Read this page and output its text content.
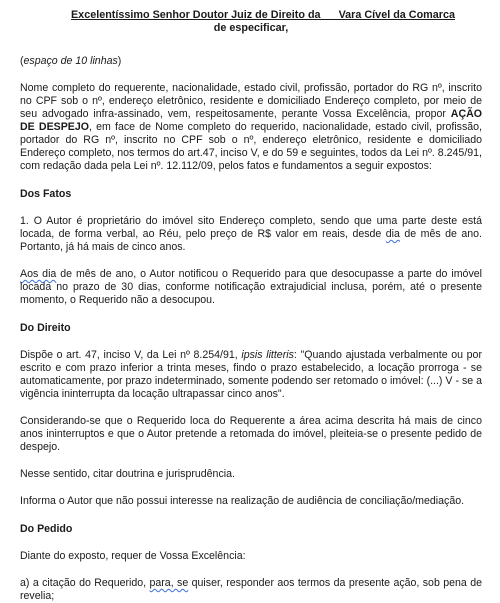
Excelentíssimo Senhor Doutor Juiz de Direito da __ Vara Cível da Comarca
de especificar,

(espaço de 10 linhas)

Nome completo do requerente, nacionalidade, estado civil, profissão, portador do RG nº, inscrito no CPF sob o nº, endereço eletrônico, residente e domiciliado Endereço completo, por meio de seu advogado infra-assinado, vem, respeitosamente, perante Vossa Excelência, propor AÇÃO DE DESPEJO, em face de Nome completo do requerido, nacionalidade, estado civil, profissão, portador do RG nº, inscrito no CPF sob o nº, endereço eletrônico, residente e domiciliado Endereço completo, nos termos do art.47, inciso V, e do 59 e seguintes, todos da Lei nº. 8.245/91, com redação dada pela Lei nº. 12.112/09, pelos fatos e fundamentos a seguir expostos:

Dos Fatos

1. O Autor é proprietário do imóvel sito Endereço completo, sendo que uma parte deste está locada, de forma verbal, ao Réu, pelo preço de R$ valor em reais, desde dia de mês de ano. Portanto, já há mais de cinco anos.

Aos dia de mês de ano, o Autor notificou o Requerido para que desocupasse a parte do imóvel locada no prazo de 30 dias, conforme notificação extrajudicial inclusa, porém, até o presente momento, o Requerido não a desocupou.

Do Direito

Dispõe o art. 47, inciso V, da Lei nº 8.254/91, ipsis litteris: "Quando ajustada verbalmente ou por escrito e com prazo inferior a trinta meses, findo o prazo estabelecido, a locação prorroga - se automaticamente, por prazo indeterminado, somente podendo ser retomado o imóvel: (...) V - se a vigência ininterrupta da locação ultrapassar cinco anos".

Considerando-se que o Requerido loca do Requerente a área acima descrita há mais de cinco anos ininterruptos e que o Autor pretende a retomada do imóvel, pleiteia-se o presente pedido de despejo.

Nesse sentido, citar doutrina e jurisprudência.

Informa o Autor que não possui interesse na realização de audiência de conciliação/mediação.

Do Pedido

Diante do exposto, requer de Vossa Excelência:

a) a citação do Requerido, para, se quiser, responder aos termos da presente ação, sob pena de revelia;
